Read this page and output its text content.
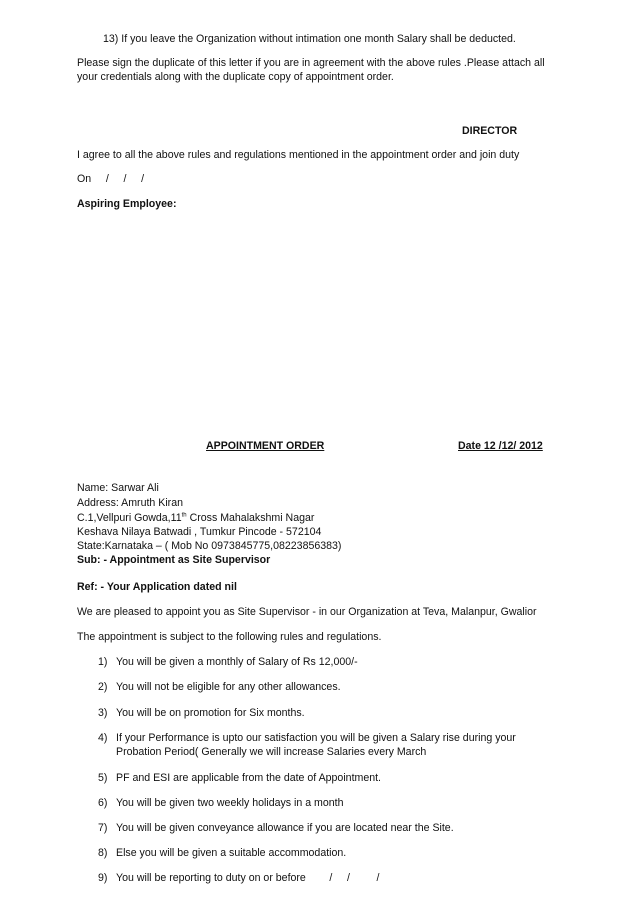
13) If you leave the Organization without intimation one month Salary shall be deducted.
Please sign the duplicate of this letter if you are in agreement with the above rules .Please attach all your credentials along with the duplicate copy of appointment order.
DIRECTOR
I agree to all the above rules and regulations mentioned in the appointment order and join duty
On     /     /     /
Aspiring Employee:
APPOINTMENT ORDER	Date 12 /12/ 2012
Name: Sarwar Ali
Address: Amruth Kiran
C.1,Vellpuri Gowda,11th Cross Mahalakshmi Nagar
Keshava Nilaya Batwadi , Tumkur Pincode - 572104
State:Karnataka – ( Mob No 0973845775,08223856383)
Sub: - Appointment as Site Supervisor
Ref: - Your Application dated nil
We are pleased to appoint you as Site Supervisor - in our Organization at Teva, Malanpur, Gwalior
The appointment is subject to the following rules and regulations.
1) You will be given a monthly of Salary of Rs 12,000/-
2) You will not be eligible for any other allowances.
3) You will be on promotion for Six months.
4) If your Performance is upto our satisfaction you will be given a Salary rise during your Probation Period( Generally we will increase Salaries every March
5) PF and ESI are applicable from the date of Appointment.
6) You will be given two weekly holidays in a month
7) You will be given conveyance allowance if you are located near the Site.
8) Else you will be given a suitable accommodation.
9) You will be reporting to duty on or before        /     /         /
